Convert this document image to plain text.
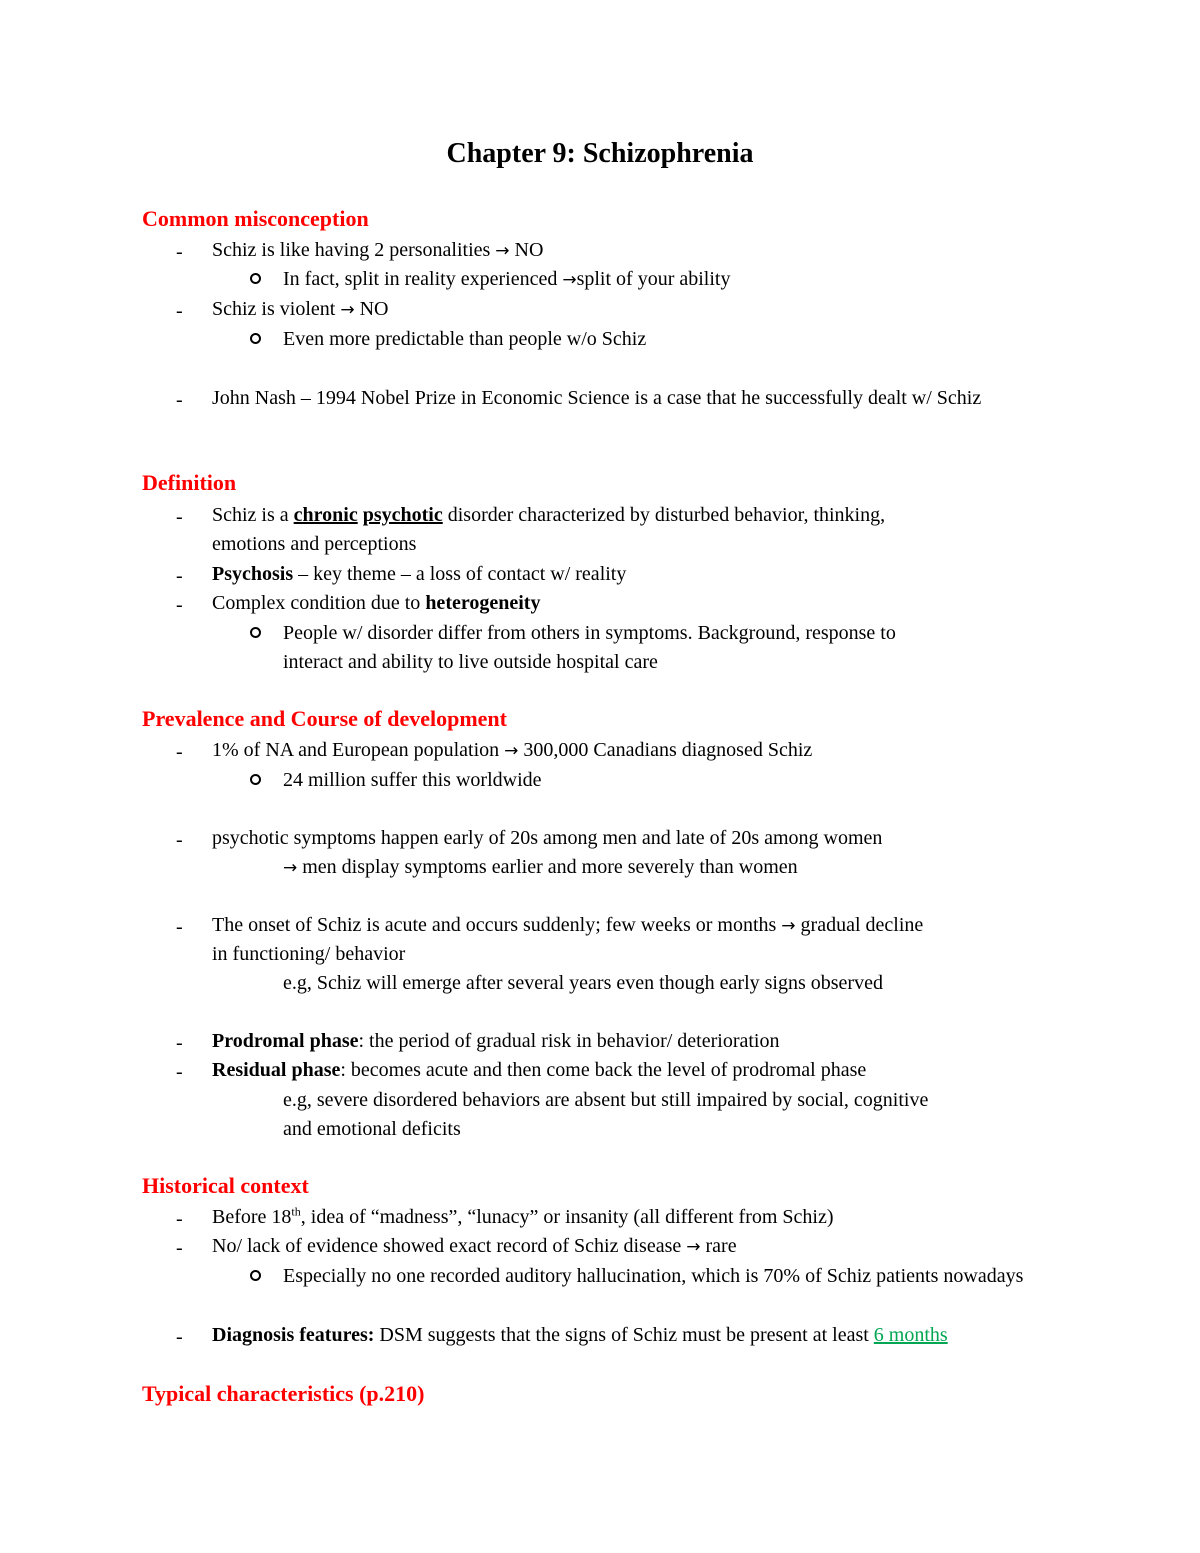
Chapter 9: Schizophrenia
Common misconception
- Schiz is like having 2 personalities → NO
In fact, split in reality experienced →split of your ability
- Schiz is violent → NO
Even more predictable than people w/o Schiz
- John Nash – 1994 Nobel Prize in Economic Science is a case that he successfully dealt w/ Schiz
Definition
- Schiz is a chronic psychotic disorder characterized by disturbed behavior, thinking,
emotions and perceptions
- Psychosis – key theme – a loss of contact w/ reality
- Complex condition due to heterogeneity
People w/ disorder differ from others in symptoms. Background, response to
interact and ability to live outside hospital care
Prevalence and Course of development
- 1% of NA and European population → 300,000 Canadians diagnosed Schiz
24 million suffer this worldwide
- psychotic symptoms happen early of 20s among men and late of 20s among women
→ men display symptoms earlier and more severely than women
- The onset of Schiz is acute and occurs suddenly; few weeks or months → gradual decline
in functioning/ behavior
e.g, Schiz will emerge after several years even though early signs observed
- Prodromal phase: the period of gradual risk in behavior/ deterioration
- Residual phase: becomes acute and then come back the level of prodromal phase
e.g, severe disordered behaviors are absent but still impaired by social, cognitive
and emotional deficits
Historical context
- Before 18th, idea of “madness”, “lunacy” or insanity (all different from Schiz)
- No/ lack of evidence showed exact record of Schiz disease → rare
Especially no one recorded auditory hallucination, which is 70% of Schiz patients nowadays
- Diagnosis features: DSM suggests that the signs of Schiz must be present at least 6 months
Typical characteristics (p.210)
